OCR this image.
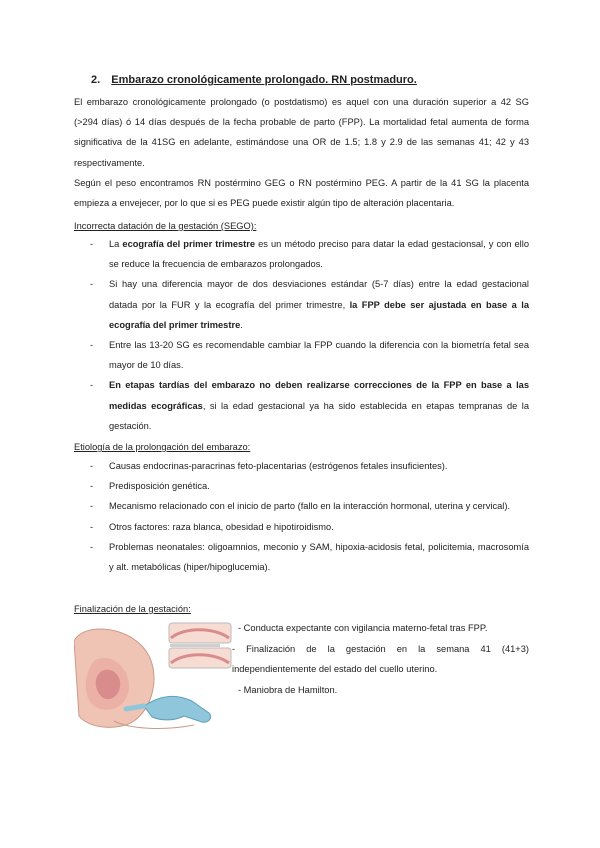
2. Embarazo cronológicamente prolongado. RN postmaduro.
El embarazo cronológicamente prolongado (o postdatismo) es aquel con una duración superior a 42 SG (>294 días) ó 14 días después de la fecha probable de parto (FPP). La mortalidad fetal aumenta de forma significativa de la 41SG en adelante, estimándose una OR de 1.5; 1.8 y 2.9 de las semanas 41; 42 y 43 respectivamente.
Según el peso encontramos RN postérmino GEG o RN postérmino PEG. A partir de la 41 SG la placenta empieza a envejecer, por lo que si es PEG puede existir algún tipo de alteración placentaria.
Incorrecta datación de la gestación (SEGO):
- La ecografía del primer trimestre es un método preciso para datar la edad gestacionsal, y con ello se reduce la frecuencia de embarazos prolongados.
- Si hay una diferencia mayor de dos desviaciones estándar (5-7 días) entre la edad gestacional datada por la FUR y la ecografía del primer trimestre, la FPP debe ser ajustada en base a la ecografía del primer trimestre.
- Entre las 13-20 SG es recomendable cambiar la FPP cuando la diferencia con la biometría fetal sea mayor de 10 días.
- En etapas tardías del embarazo no deben realizarse correcciones de la FPP en base a las medidas ecográficas, si la edad gestacional ya ha sido establecida en etapas tempranas de la gestación.
Etiología de la prolongación del embarazo:
- Causas endocrinas-paracrinas feto-placentarias (estrógenos fetales insuficientes).
- Predisposición genética.
- Mecanismo relacionado con el inicio de parto (fallo en la interacción hormonal, uterina y cervical).
- Otros factores: raza blanca, obesidad e hipotiroidismo.
- Problemas neonatales: oligoamnios, meconio y SAM, hipoxia-acidosis fetal, policitemia, macrosomía y alt. metabólicas (hiper/hipoglucemia).
Finalización de la gestación:
- Conducta expectante con vigilancia materno-fetal tras FPP.
- Finalización de la gestación en la semana 41 (41+3) independientemente del estado del cuello uterino.
- Maniobra de Hamilton.
